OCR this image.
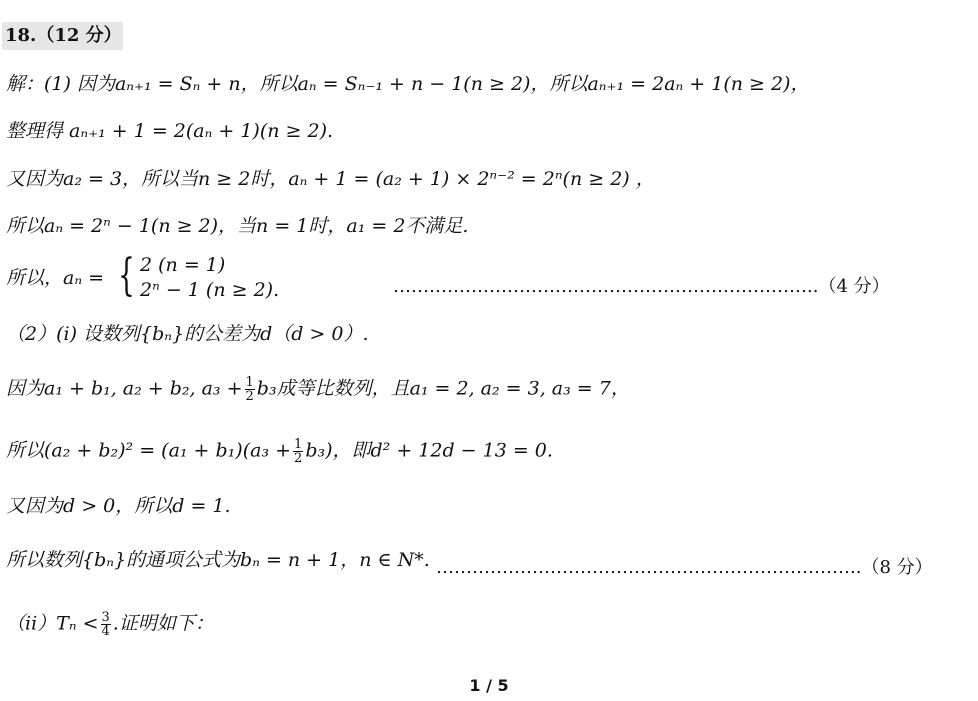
18.（12 分）
解：(1) 因为aₙ₊₁ = Sₙ + n，所以aₙ = Sₙ₋₁ + n − 1(n ≥ 2)，所以aₙ₊₁ = 2aₙ + 1(n ≥ 2)，
整理得 aₙ₊₁ + 1 = 2(aₙ + 1)(n ≥ 2).
又因为a₂ = 3，所以当n ≥ 2时，aₙ + 1 = (a₂ + 1) × 2ⁿ⁻² = 2ⁿ(n ≥ 2) ，
所以aₙ = 2ⁿ − 1(n ≥ 2)，当n = 1时，a₁ = 2不满足.
所以，aₙ = { 2 (n = 1)
2ⁿ − 1 (n ≥ 2).	……………………………………………………………..（4 分）
（2）(i) 设数列{bₙ}的公差为d（d > 0）.
因为a₁ + b₁, a₂ + b₂, $a_3 + \frac{1}{2} b_3$成等比数列，且a₁ = 2, a₂ = 3, a₃ = 7，
所以$(a_2 + b_2)^2 = (a_1 + b_1)(a_3 + \frac{1}{2} b_3)$，即d² + 12d − 13 = 0.
又因为d > 0，所以d = 1.
所以数列{bₙ}的通项公式为bₙ = n + 1，n ∈ N*. ……………………………………………………………..（8 分）
$(ii)T_n < \frac{3}{4}$ .证明如下：
1 / 5
